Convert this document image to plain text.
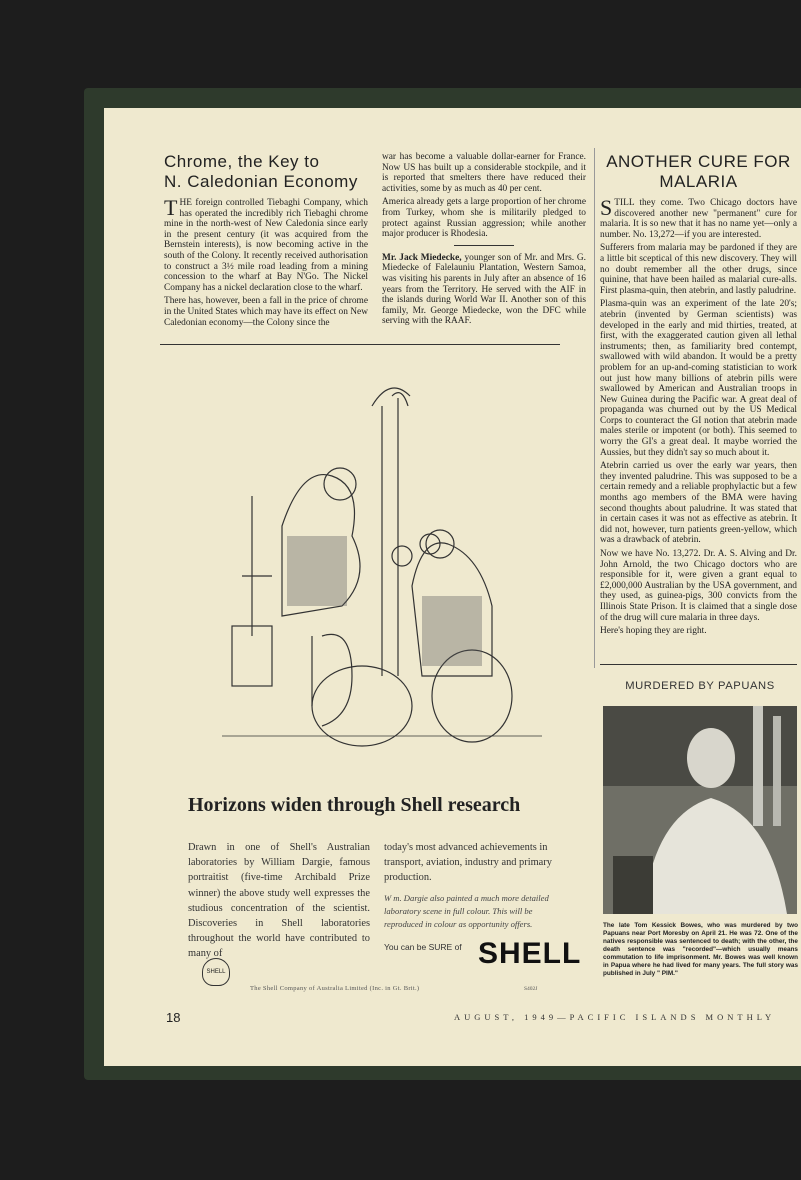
Chrome, the Key to
N. Caledonian Economy

THE foreign controlled Tiebaghi Company, which has operated the incredibly rich Tiebaghi chrome mine in the north-west of New Caledonia since early in the present century (it was acquired from the Bernstein interests), is now becoming active in the south of the Colony. It recently received authorisation to construct a 3½ mile road leading from a mining concession to the wharf at Bay N'Go. The Nickel Company has a nickel declaration close to the wharf.

There has, however, been a fall in the price of chrome in the United States which may have its effect on New Caledonian economy—the Colony since the

war has become a valuable dollar-earner for France. Now US has built up a considerable stockpile, and it is reported that smelters there have reduced their activities, some by as much as 40 per cent.

America already gets a large proportion of her chrome from Turkey, whom she is militarily pledged to protect against Russian aggression; while another major producer is Rhodesia.

Mr. Jack Miedecke, younger son of Mr. and Mrs. G. Miedecke of Falelauniu Plantation, Western Samoa, was visiting his parents in July after an absence of 16 years from the Territory. He served with the AIF in the islands during World War II. Another son of this family, Mr. George Miedecke, won the DFC while serving with the RAAF.

ANOTHER CURE FOR
MALARIA

STILL they come. Two Chicago doctors have discovered another new "permanent" cure for malaria. It is so new that it has no name yet—only a number. No. 13,272—if you are interested.

Sufferers from malaria may be pardoned if they are a little bit sceptical of this new discovery. They will no doubt remember all the other drugs, since quinine, that have been hailed as malarial cure-alls. First plasma-quin, then atebrin, and lastly paludrine.

Plasma-quin was an experiment of the late 20's; atebrin (invented by German scientists) was developed in the early and mid thirties, treated, at first, with the exaggerated caution given all lethal instruments; then, as familiarity bred contempt, swallowed with wild abandon. It would be a pretty problem for an up-and-coming statistician to work out just how many billions of atebrin pills were swallowed by American and Australian troops in New Guinea during the Pacific war. A great deal of propaganda was churned out by the US Medical Corps to counteract the GI notion that atebrin made males sterile or impotent (or both). This seemed to worry the GI's a great deal. It maybe worried the Aussies, but they didn't say so much about it.

Atebrin carried us over the early war years, then they invented paludrine. This was supposed to be a certain remedy and a reliable prophylactic but a few months ago members of the BMA were having second thoughts about paludrine. It was stated that in certain cases it was not as effective as atebrin. It did not, however, turn patients green-yellow, which was a drawback of atebrin.

Now we have No. 13,272. Dr. A. S. Alving and Dr. John Arnold, the two Chicago doctors who are responsible for it, were given a grant equal to £2,000,000 Australian by the USA government, and they used, as guinea-pigs, 300 convicts from the Illinois State Prison. It is claimed that a single dose of the drug will cure malaria in three days.

Here's hoping they are right.

MURDERED BY PAPUANS
The late Tom Kessick Bowes, who was murdered by two Papuans near Port Moresby on April 21. He was 72. One of the natives responsible was sentenced to death; with the other, the death sentence was "recorded"—which usually means commutation to life imprisonment. Mr. Bowes was well known in Papua where he had lived for many years. The full story was published in July " PIM."
Horizons widen through Shell research
Drawn in one of Shell's Australian laboratories by William Dargie, famous portraitist (five-time Archibald Prize winner) the above study well expresses the studious concentration of the scientist. Discoveries in Shell laboratories throughout the world have contributed to many of
today's most advanced achievements in transport, aviation, industry and primary production.
W m. Dargie also painted a much more detailed laboratory scene in full colour. This will be reproduced in colour as opportunity offers.
You can be SURE of SHELL
SHELL
The Shell Company of Australia Limited (Inc. in Gt. Brit.)	S402J
18	AUGUST, 1949—PACIFIC ISLANDS MONTHLY
